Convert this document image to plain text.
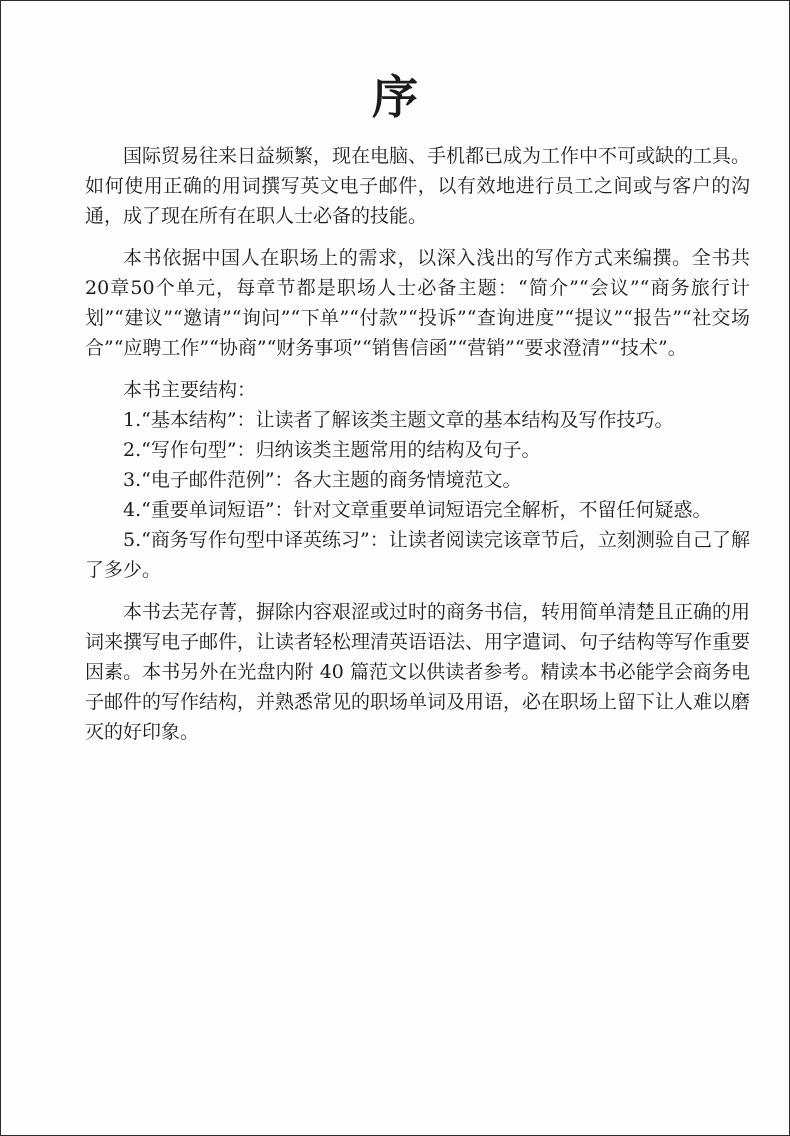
序

国际贸易往来日益频繁，现在电脑、手机都已成为工作中不可或缺的工具。如何使用正确的用词撰写英文电子邮件，以有效地进行员工之间或与客户的沟通，成了现在所有在职人士必备的技能。

本书依据中国人在职场上的需求，以深入浅出的写作方式来编撰。全书共20章50个单元，每章节都是职场人士必备主题：“简介”“会议”“商务旅行计划”“建议”“邀请”“询问”“下单”“付款”“投诉”“查询进度”“提议”“报告”“社交场合”“应聘工作”“协商”“财务事项”“销售信函”“营销”“要求澄清”“技术”。

本书主要结构：

1.“基本结构”：让读者了解该类主题文章的基本结构及写作技巧。

2.“写作句型”：归纳该类主题常用的结构及句子。

3.“电子邮件范例”：各大主题的商务情境范文。

4.“重要单词短语”：针对文章重要单词短语完全解析，不留任何疑惑。

5.“商务写作句型中译英练习”：让读者阅读完该章节后，立刻测验自己了解了多少。

本书去芜存菁，摒除内容艰涩或过时的商务书信，转用简单清楚且正确的用词来撰写电子邮件，让读者轻松理清英语语法、用字遣词、句子结构等写作重要因素。本书另外在光盘内附 40 篇范文以供读者参考。精读本书必能学会商务电子邮件的写作结构，并熟悉常见的职场单词及用语，必在职场上留下让人难以磨灭的好印象。
